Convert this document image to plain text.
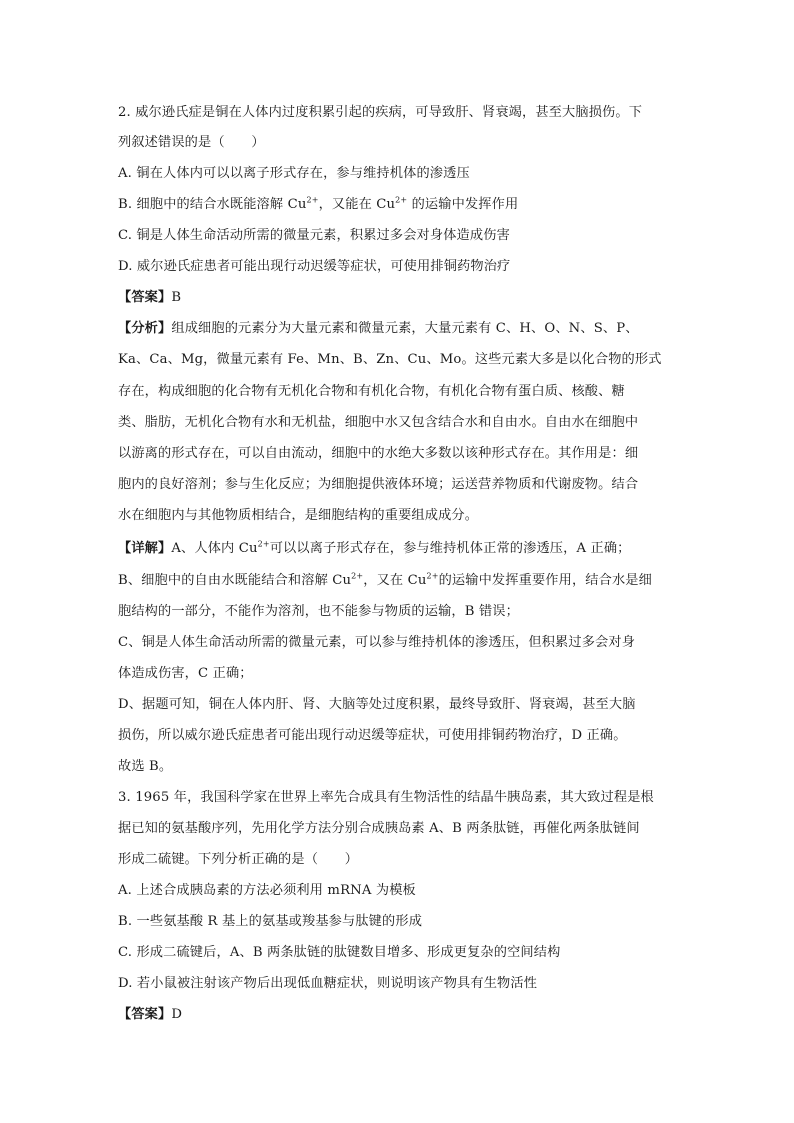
2. 威尔逊氏症是铜在人体内过度积累引起的疾病，可导致肝、肾衰竭，甚至大脑损伤。下
列叙述错误的是（　　）
A. 铜在人体内可以以离子形式存在，参与维持机体的渗透压
B. 细胞中的结合水既能溶解 $Cu^{2+}$，又能在 $Cu^{2+}$ 的运输中发挥作用
C. 铜是人体生命活动所需的微量元素，积累过多会对身体造成伤害
D. 威尔逊氏症患者可能出现行动迟缓等症状，可使用排铜药物治疗
【答案】B
【分析】组成细胞的元素分为大量元素和微量元素，大量元素有 C、H、O、N、S、P、
Ka、Ca、Mg，微量元素有 Fe、Mn、B、Zn、Cu、Mo。这些元素大多是以化合物的形式
存在，构成细胞的化合物有无机化合物和有机化合物，有机化合物有蛋白质、核酸、糖
类、脂肪，无机化合物有水和无机盐，细胞中水又包含结合水和自由水。自由水在细胞中
以游离的形式存在，可以自由流动，细胞中的水绝大多数以该种形式存在。其作用是：细
胞内的良好溶剂；参与生化反应；为细胞提供液体环境；运送营养物质和代谢废物。结合
水在细胞内与其他物质相结合，是细胞结构的重要组成成分。
【详解】A、人体内 $Cu^{2+}$可以以离子形式存在，参与维持机体正常的渗透压，A 正确；
B、细胞中的自由水既能结合和溶解 $Cu^{2+}$，又在 $Cu^{2+}$的运输中发挥重要作用，结合水是细
胞结构的一部分，不能作为溶剂，也不能参与物质的运输，B 错误；
C、铜是人体生命活动所需的微量元素，可以参与维持机体的渗透压，但积累过多会对身
体造成伤害，C 正确；
D、据题可知，铜在人体内肝、肾、大脑等处过度积累，最终导致肝、肾衰竭，甚至大脑
损伤，所以威尔逊氏症患者可能出现行动迟缓等症状，可使用排铜药物治疗，D 正确。
故选 B。
3. 1965 年，我国科学家在世界上率先合成具有生物活性的结晶牛胰岛素，其大致过程是根
据已知的氨基酸序列，先用化学方法分别合成胰岛素 A、B 两条肽链，再催化两条肽链间
形成二硫键。下列分析正确的是（　　）
A. 上述合成胰岛素的方法必须利用 mRNA 为模板
B. 一些氨基酸 R 基上的氨基或羧基参与肽键的形成
C. 形成二硫键后，A、B 两条肽链的肽键数目增多、形成更复杂的空间结构
D. 若小鼠被注射该产物后出现低血糖症状，则说明该产物具有生物活性
【答案】D
